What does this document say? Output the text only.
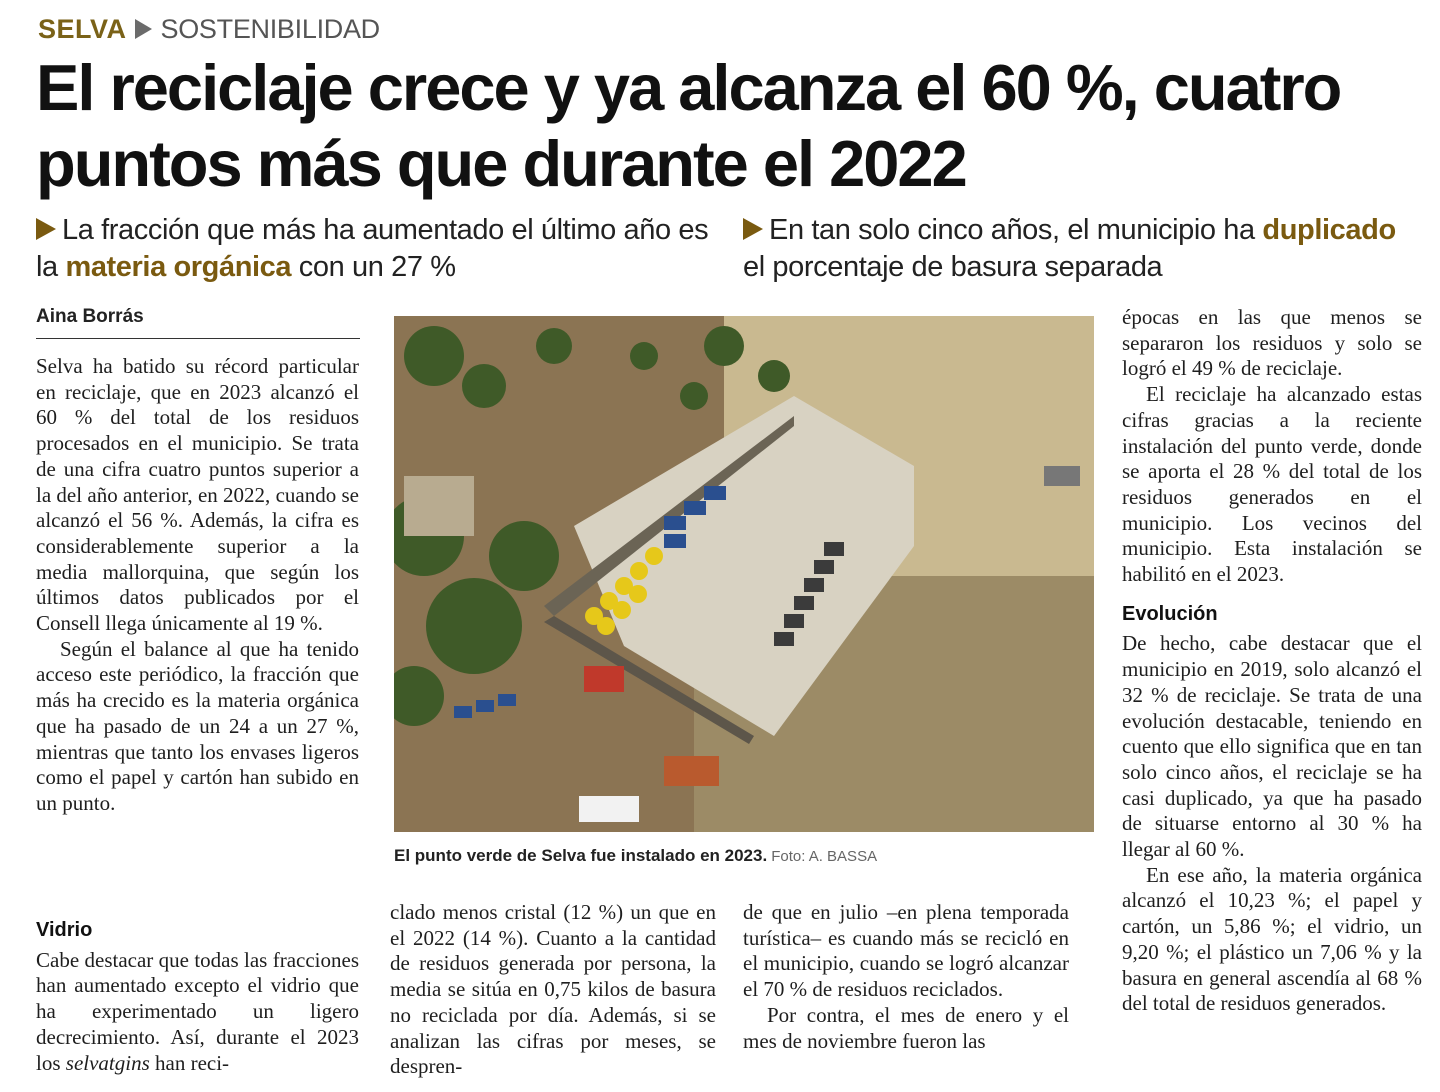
SELVA SOSTENIBILIDAD
El reciclaje crece y ya alcanza el 60 %, cuatro puntos más que durante el 2022
La fracción que más ha aumentado el último año es la materia orgánica con un 27 %
En tan solo cinco años, el municipio ha duplicado el porcentaje de basura separada
Aina Borrás

Selva ha batido su récord particular en reciclaje, que en 2023 alcanzó el 60 % del total de los residuos procesados en el municipio. Se trata de una cifra cuatro puntos superior a la del año anterior, en 2022, cuando se alcanzó el 56 %. Además, la cifra es considerablemente superior a la media mallorquina, que según los últimos datos publicados por el Consell llega únicamente al 19 %.

Según el balance al que ha tenido acceso este periódico, la fracción que más ha crecido es la materia orgánica que ha pasado de un 24 a un 27 %, mientras que tanto los envases ligeros como el papel y cartón han subido en un punto.

Vidrio

Cabe destacar que todas las fracciones han aumentado excepto el vidrio que ha experimentado un ligero decrecimiento. Así, durante el 2023 los selvatgins han reci-

El punto verde de Selva fue instalado en 2023. Foto: A. BASSA

clado menos cristal (12 %) un que en el 2022 (14 %). Cuanto a la cantidad de residuos generada por persona, la media se sitúa en 0,75 kilos de basura no reciclada por día. Además, si se analizan las cifras por meses, se despren-

de que en julio –en plena temporada turística– es cuando más se recicló en el municipio, cuando se logró alcanzar el 70 % de residuos reciclados.

Por contra, el mes de enero y el mes de noviembre fueron las

épocas en las que menos se separaron los residuos y solo se logró el 49 % de reciclaje.

El reciclaje ha alcanzado estas cifras gracias a la reciente instalación del punto verde, donde se aporta el 28 % del total de los residuos generados en el municipio. Los vecinos del municipio. Esta instalación se habilitó en el 2023.

Evolución

De hecho, cabe destacar que el municipio en 2019, solo alcanzó el 32 % de reciclaje. Se trata de una evolución destacable, teniendo en cuento que ello significa que en tan solo cinco años, el reciclaje se ha casi duplicado, ya que ha pasado de situarse entorno al 30 % ha llegar al 60 %.

En ese año, la materia orgánica alcanzó el 10,23 %; el papel y cartón, un 5,86 %; el vidrio, un 9,20 %; el plástico un 7,06 % y la basura en general ascendía al 68 % del total de residuos generados.
